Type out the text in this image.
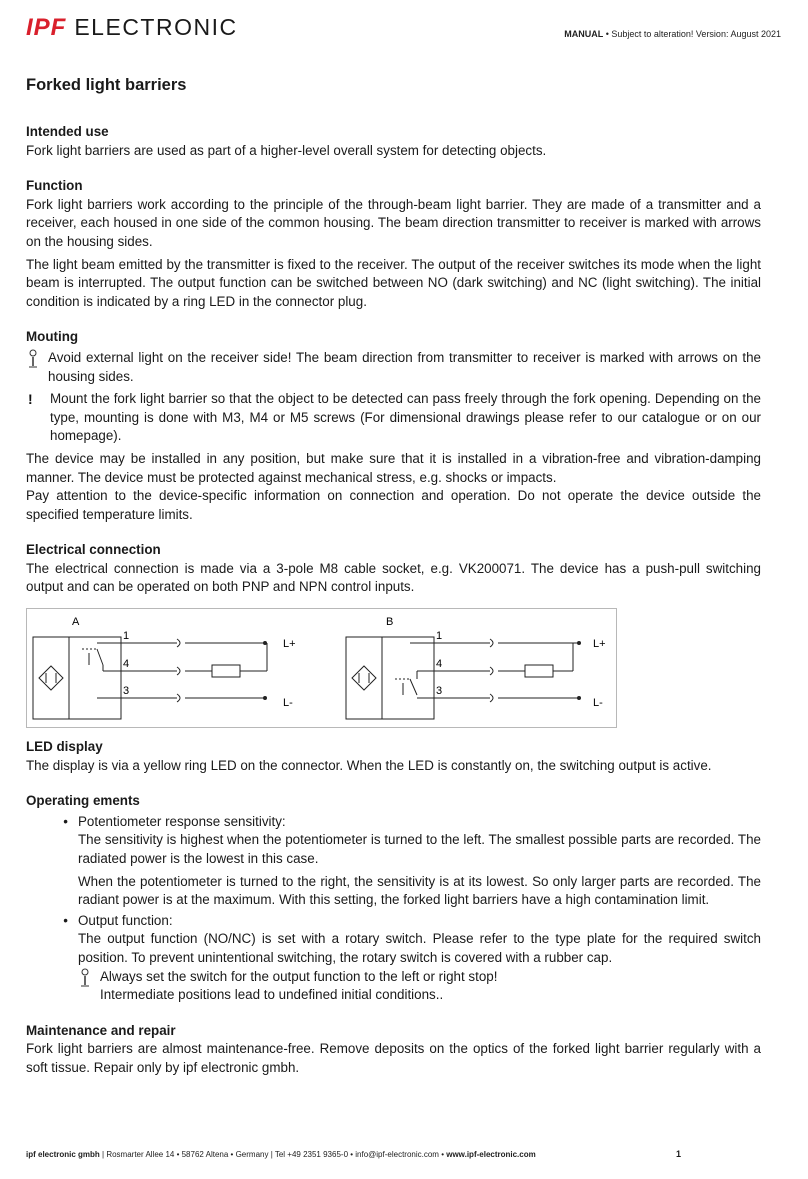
IPF ELECTRONIC	MANUAL • Subject to alteration! Version: August 2021
Forked light barriers
Intended use

Fork light barriers are used as part of a higher-level overall system for detecting objects.

Function

Fork light barriers work according to the principle of the through-beam light barrier. They are made of a transmitter and a receiver, each housed in one side of the common housing. The beam direction transmitter to receiver is marked with arrows on the housing sides.

The light beam emitted by the transmitter is fixed to the receiver. The output of the receiver switches its mode when the light beam is interrupted. The output function can be switched between NO (dark switching) and NC (light switching). The initial condition is indicated by a ring LED in the connector plug.

Mouting
Avoid external light on the receiver side! The beam direction from transmitter to receiver is marked with arrows on the housing sides.
!	Mount the fork light barrier so that the object to be detected can pass freely through the fork opening. Depending on the type, mounting is done with M3, M4 or M5 screws (For dimensional drawings please refer to our catalogue or on our homepage).

The device may be installed in any position, but make sure that it is installed in a vibration-free and vibration-damping manner. The device must be protected against mechanical stress, e.g. shocks or impacts.

Pay attention to the device-specific information on connection and operation. Do not operate the device outside the specified temperature limits.

Electrical connection

The electrical connection is made via a 3-pole M8 cable socket, e.g. VK200071. The device has a push-pull switching output and can be operated on both PNP and NPN control inputs.

A
1
4
3
L+
L-
B
1
4
3
L+
L-
LED display

The display is via a yellow ring LED on the connector. When the LED is constantly on, the switching output is active.

Operating ements
• Potentiometer response sensitivity:

The sensitivity is highest when the potentiometer is turned to the left. The smallest possible parts are recorded. The radiated power is the lowest in this case.

When the potentiometer is turned to the right, the sensitivity is at its lowest. So only larger parts are recorded. The radiant power is at the maximum. With this setting, the forked light barriers have a high contamination limit.

• Output function:

The output function (NO/NC) is set with a rotary switch. Please refer to the type plate for the required switch position. To prevent unintentional switching, the rotary switch is covered with a rubber cap.

Always set the switch for the output function to the left or right stop!
Intermediate positions lead to undefined initial conditions..
Maintenance and repair

Fork light barriers are almost maintenance-free. Remove deposits on the optics of the forked light barrier regularly with a soft tissue. Repair only by ipf electronic gmbh.

ipf electronic gmbh | Rosmarter Allee 14 • 58762 Altena • Germany | Tel +49 2351 9365-0 • info@ipf-electronic.com • www.ipf-electronic.com	1
